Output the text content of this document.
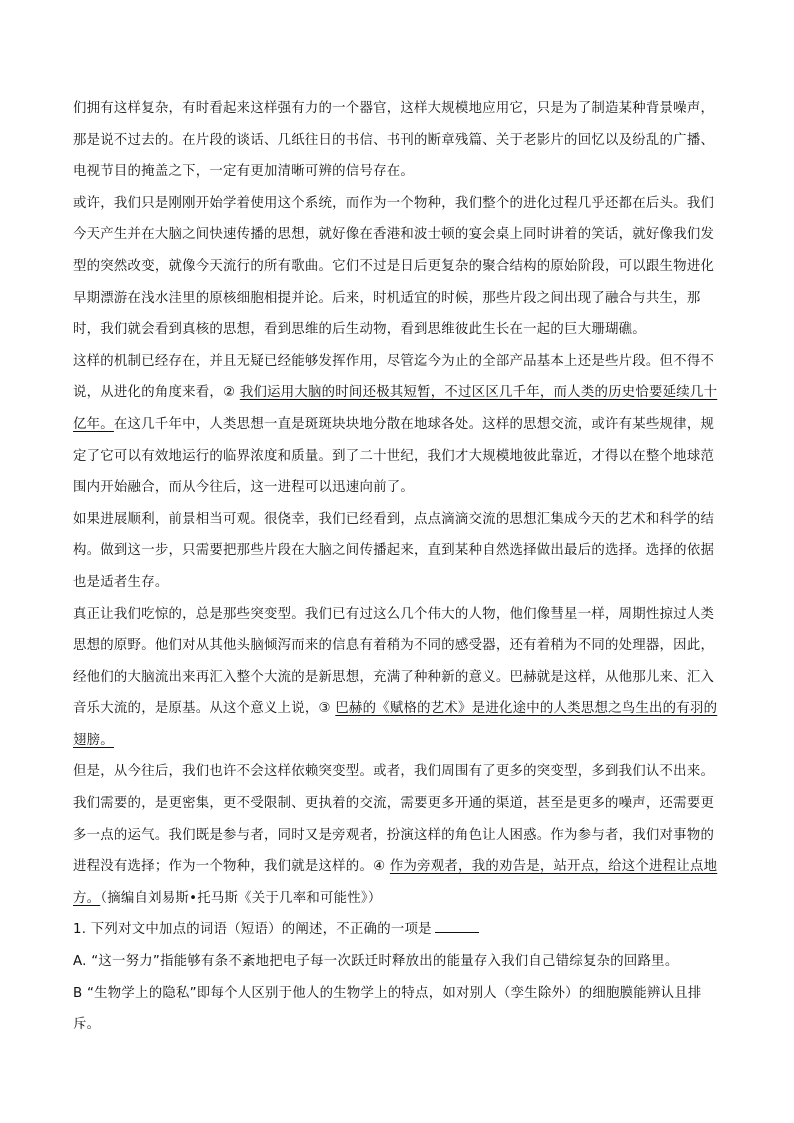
们拥有这样复杂，有时看起来这样强有力的一个器官，这样大规模地应用它，只是为了制造某种背景噪声，那是说不过去的。在片段的谈话、几纸往日的书信、书刊的断章残篇、关于老影片的回忆以及纷乱的广播、电视节目的掩盖之下，一定有更加清晰可辨的信号存在。

或许，我们只是刚刚开始学着使用这个系统，而作为一个物种，我们整个的进化过程几乎还都在后头。我们今天产生并在大脑之间快速传播的思想，就好像在香港和波士顿的宴会桌上同时讲着的笑话，就好像我们发型的突然改变，就像今天流行的所有歌曲。它们不过是日后更复杂的聚合结构的原始阶段，可以跟生物进化早期漂游在浅水洼里的原核细胞相提并论。后来，时机适宜的时候，那些片段之间出现了融合与共生，那时，我们就会看到真核的思想，看到思维的后生动物，看到思维彼此生长在一起的巨大珊瑚礁。

这样的机制已经存在，并且无疑已经能够发挥作用，尽管迄今为止的全部产品基本上还是些片段。但不得不说，从进化的角度来看，② 我们运用大脑的时间还极其短暂，不过区区几千年，而人类的历史恰要延续几十亿年。在这几千年中，人类思想一直是斑斑块块地分散在地球各处。这样的思想交流，或许有某些规律，规定了它可以有效地运行的临界浓度和质量。到了二十世纪，我们才大规模地彼此靠近，才得以在整个地球范围内开始融合，而从今往后，这一进程可以迅速向前了。

如果进展顺利，前景相当可观。很侥幸，我们已经看到，点点滴滴交流的思想汇集成今天的艺术和科学的结构。做到这一步，只需要把那些片段在大脑之间传播起来，直到某种自然选择做出最后的选择。选择的依据也是适者生存。

真正让我们吃惊的，总是那些突变型。我们已有过这么几个伟大的人物，他们像彗星一样，周期性掠过人类思想的原野。他们对从其他头脑倾泻而来的信息有着稍为不同的感受器，还有着稍为不同的处理器，因此，经他们的大脑流出来再汇入整个大流的是新思想，充满了种种新的意义。巴赫就是这样，从他那儿来、汇入音乐大流的，是原基。从这个意义上说，③ 巴赫的《赋格的艺术》是进化途中的人类思想之鸟生出的有羽的翅膀。

但是，从今往后，我们也许不会这样依赖突变型。或者，我们周围有了更多的突变型，多到我们认不出来。我们需要的，是更密集，更不受限制、更执着的交流，需要更多开通的渠道，甚至是更多的噪声，还需要更多一点的运气。我们既是参与者，同时又是旁观者，扮演这样的角色让人困惑。作为参与者，我们对事物的进程没有选择；作为一个物种，我们就是这样的。④ 作为旁观者，我的劝告是，站开点，给这个进程让点地方。（摘编自刘易斯•托马斯《关于几率和可能性》）

1. 下列对文中加点的词语（短语）的阐述，不正确的一项是

A. “这一努力”指能够有条不紊地把电子每一次跃迁时释放出的能量存入我们自己错综复杂的回路里。

B “生物学上的隐私”即每个人区别于他人的生物学上的特点，如对别人（孪生除外）的细胞膜能辨认且排斥。
